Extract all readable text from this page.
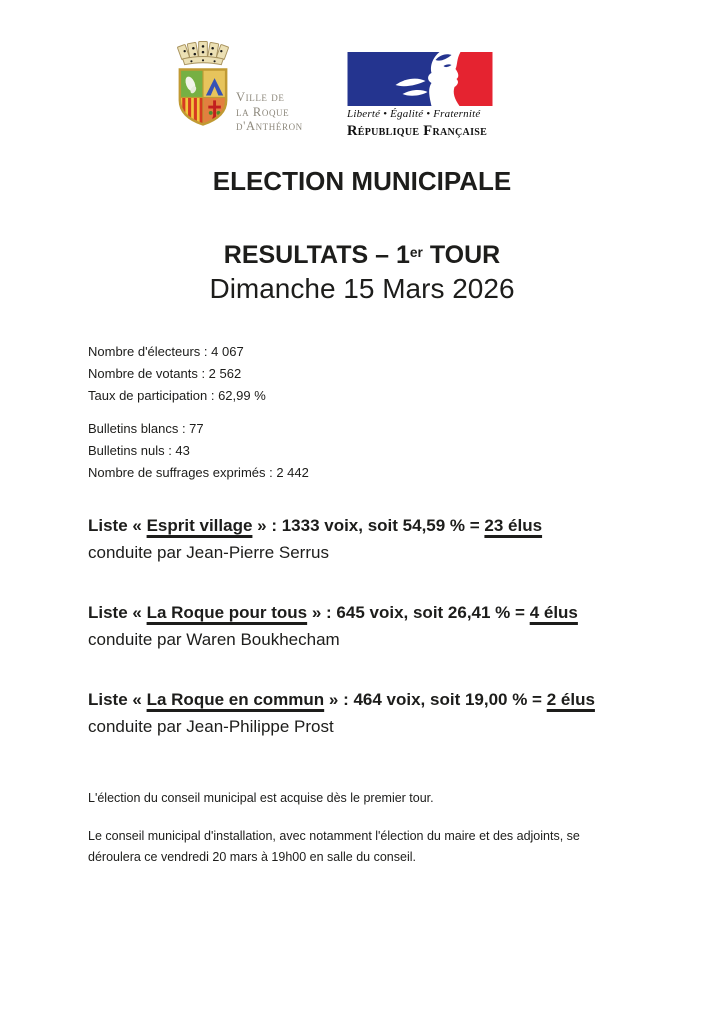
Ville de
la Roque
d'Anthéron
Liberté • Égalité • Fraternité
République Française
ELECTION MUNICIPALE
RESULTATS – 1er TOUR
Dimanche 15 Mars 2026

Nombre d'électeurs : 4 067

Nombre de votants : 2 562

Taux de participation : 62,99 %

Bulletins blancs : 77

Bulletins nuls : 43

Nombre de suffrages exprimés : 2 442

Liste « Esprit village » : 1333 voix, soit 54,59 % = 23 élus

conduite par Jean-Pierre Serrus

Liste « La Roque pour tous » : 645 voix, soit 26,41 % = 4 élus

conduite par Waren Boukhecham

Liste « La Roque en commun » : 464 voix, soit 19,00 % = 2 élus

conduite par Jean-Philippe Prost

L'élection du conseil municipal est acquise dès le premier tour.

Le conseil municipal d'installation, avec notamment l'élection du maire et des adjoints, se
déroulera ce vendredi 20 mars à 19h00 en salle du conseil.
